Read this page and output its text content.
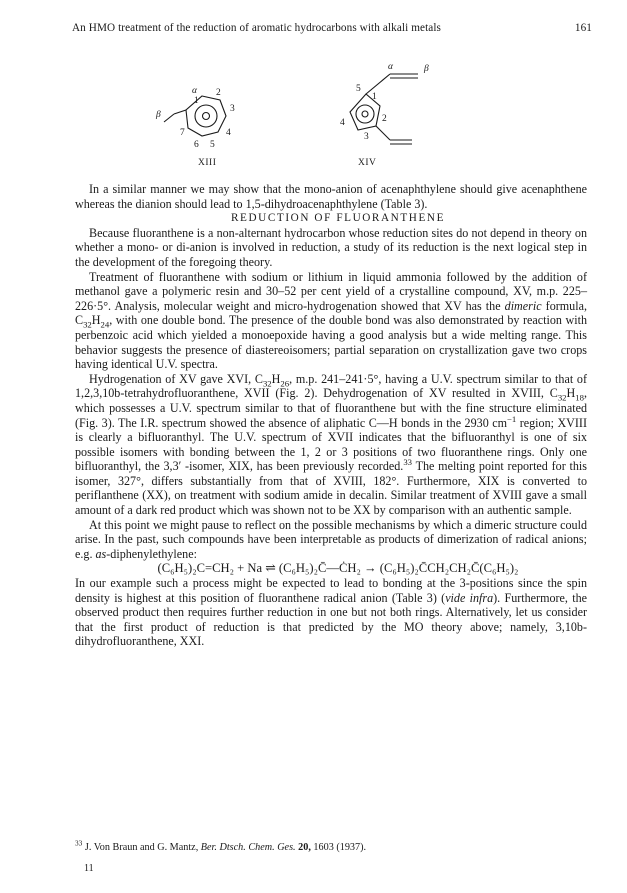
An HMO treatment of the reduction of aromatic hydrocarbons with alkali metals	161
α
β
1
2
3
4
5
6
7
XIII
α	β
1
2
3
4
5
XIV

In a similar manner we may show that the mono-anion of acenaphthylene should give acenaphthene whereas the dianion should lead to 1,5-dihydroacenaphthylene (Table 3).

REDUCTION OF FLUORANTHENE

Because fluoranthene is a non-alternant hydrocarbon whose reduction sites do not depend in theory on whether a mono- or di-anion is involved in reduction, a study of its reduction is the next logical step in the development of the foregoing theory.

Treatment of fluoranthene with sodium or lithium in liquid ammonia followed by the addition of methanol gave a polymeric resin and 30–52 per cent yield of a crystalline compound, XV, m.p. 225–226·5°. Analysis, molecular weight and micro-hydrogenation showed that XV has the dimeric formula, $C_{32}H_{24}$, with one double bond. The presence of the double bond was also demonstrated by reaction with perbenzoic acid which yielded a monoepoxide having a good analysis but a wide melting range. This behavior suggests the presence of diastereoisomers; partial separation on crystallization gave two crops having identical U.V. spectra.

Hydrogenation of XV gave XVI, $C_{32}H_{26}$, m.p. 241–241·5°, having a U.V. spectrum similar to that of 1,2,3,10b-tetrahydrofluoranthene, XVII (Fig. 2). Dehydrogenation of XV resulted in XVIII, $C_{32}H_{18}$, which possesses a U.V. spectrum similar to that of fluoranthene but with the fine structure eliminated (Fig. 3). The I.R. spectrum showed the absence of aliphatic C—H bonds in the 2930 $cm^{-1}$ region; XVIII is clearly a bifluoranthyl. The U.V. spectrum of XVII indicates that the bifluoranthyl is one of six possible isomers with bonding between the 1, 2 or 3 positions of two fluoranthene rings. Only one bifluoranthyl, the 3,3′ -isomer, XIX, has been previously recorded.$^{33}$ The melting point reported for this isomer, 327°, differs substantially from that of XVIII, 182°. Furthermore, XIX is converted to periflanthene (XX), on treatment with sodium amide in decalin. Similar treatment of XVIII gave a small amount of a dark red product which was shown not to be XX by comparison with an authentic sample.

At this point we might pause to reflect on the possible mechanisms by which a dimeric structure could arise. In the past, such compounds have been interpretable as products of dimerization of radical anions; e.g. as-diphenylethylene:

(C₆H₅)₂C=CH₂ + Na ⇌ (C₆H₅)₂C̄—ĊH₂ → (C₆H₅)₂C̄CH₂CH₂C̄(C₆H₅)₂

In our example such a process might be expected to lead to bonding at the 3-positions since the spin density is highest at this position of fluoranthene radical anion (Table 3) (vide infra). Furthermore, the observed product then requires further reduction in one but not both rings. Alternatively, let us consider that the first product of reduction is that predicted by the MO theory above; namely, 3,10b-dihydrofluoranthene, XXI.

$^{33}$ J. Von Braun and G. Mantz, Ber. Dtsch. Chem. Ges. 20, 1603 (1937).
11
